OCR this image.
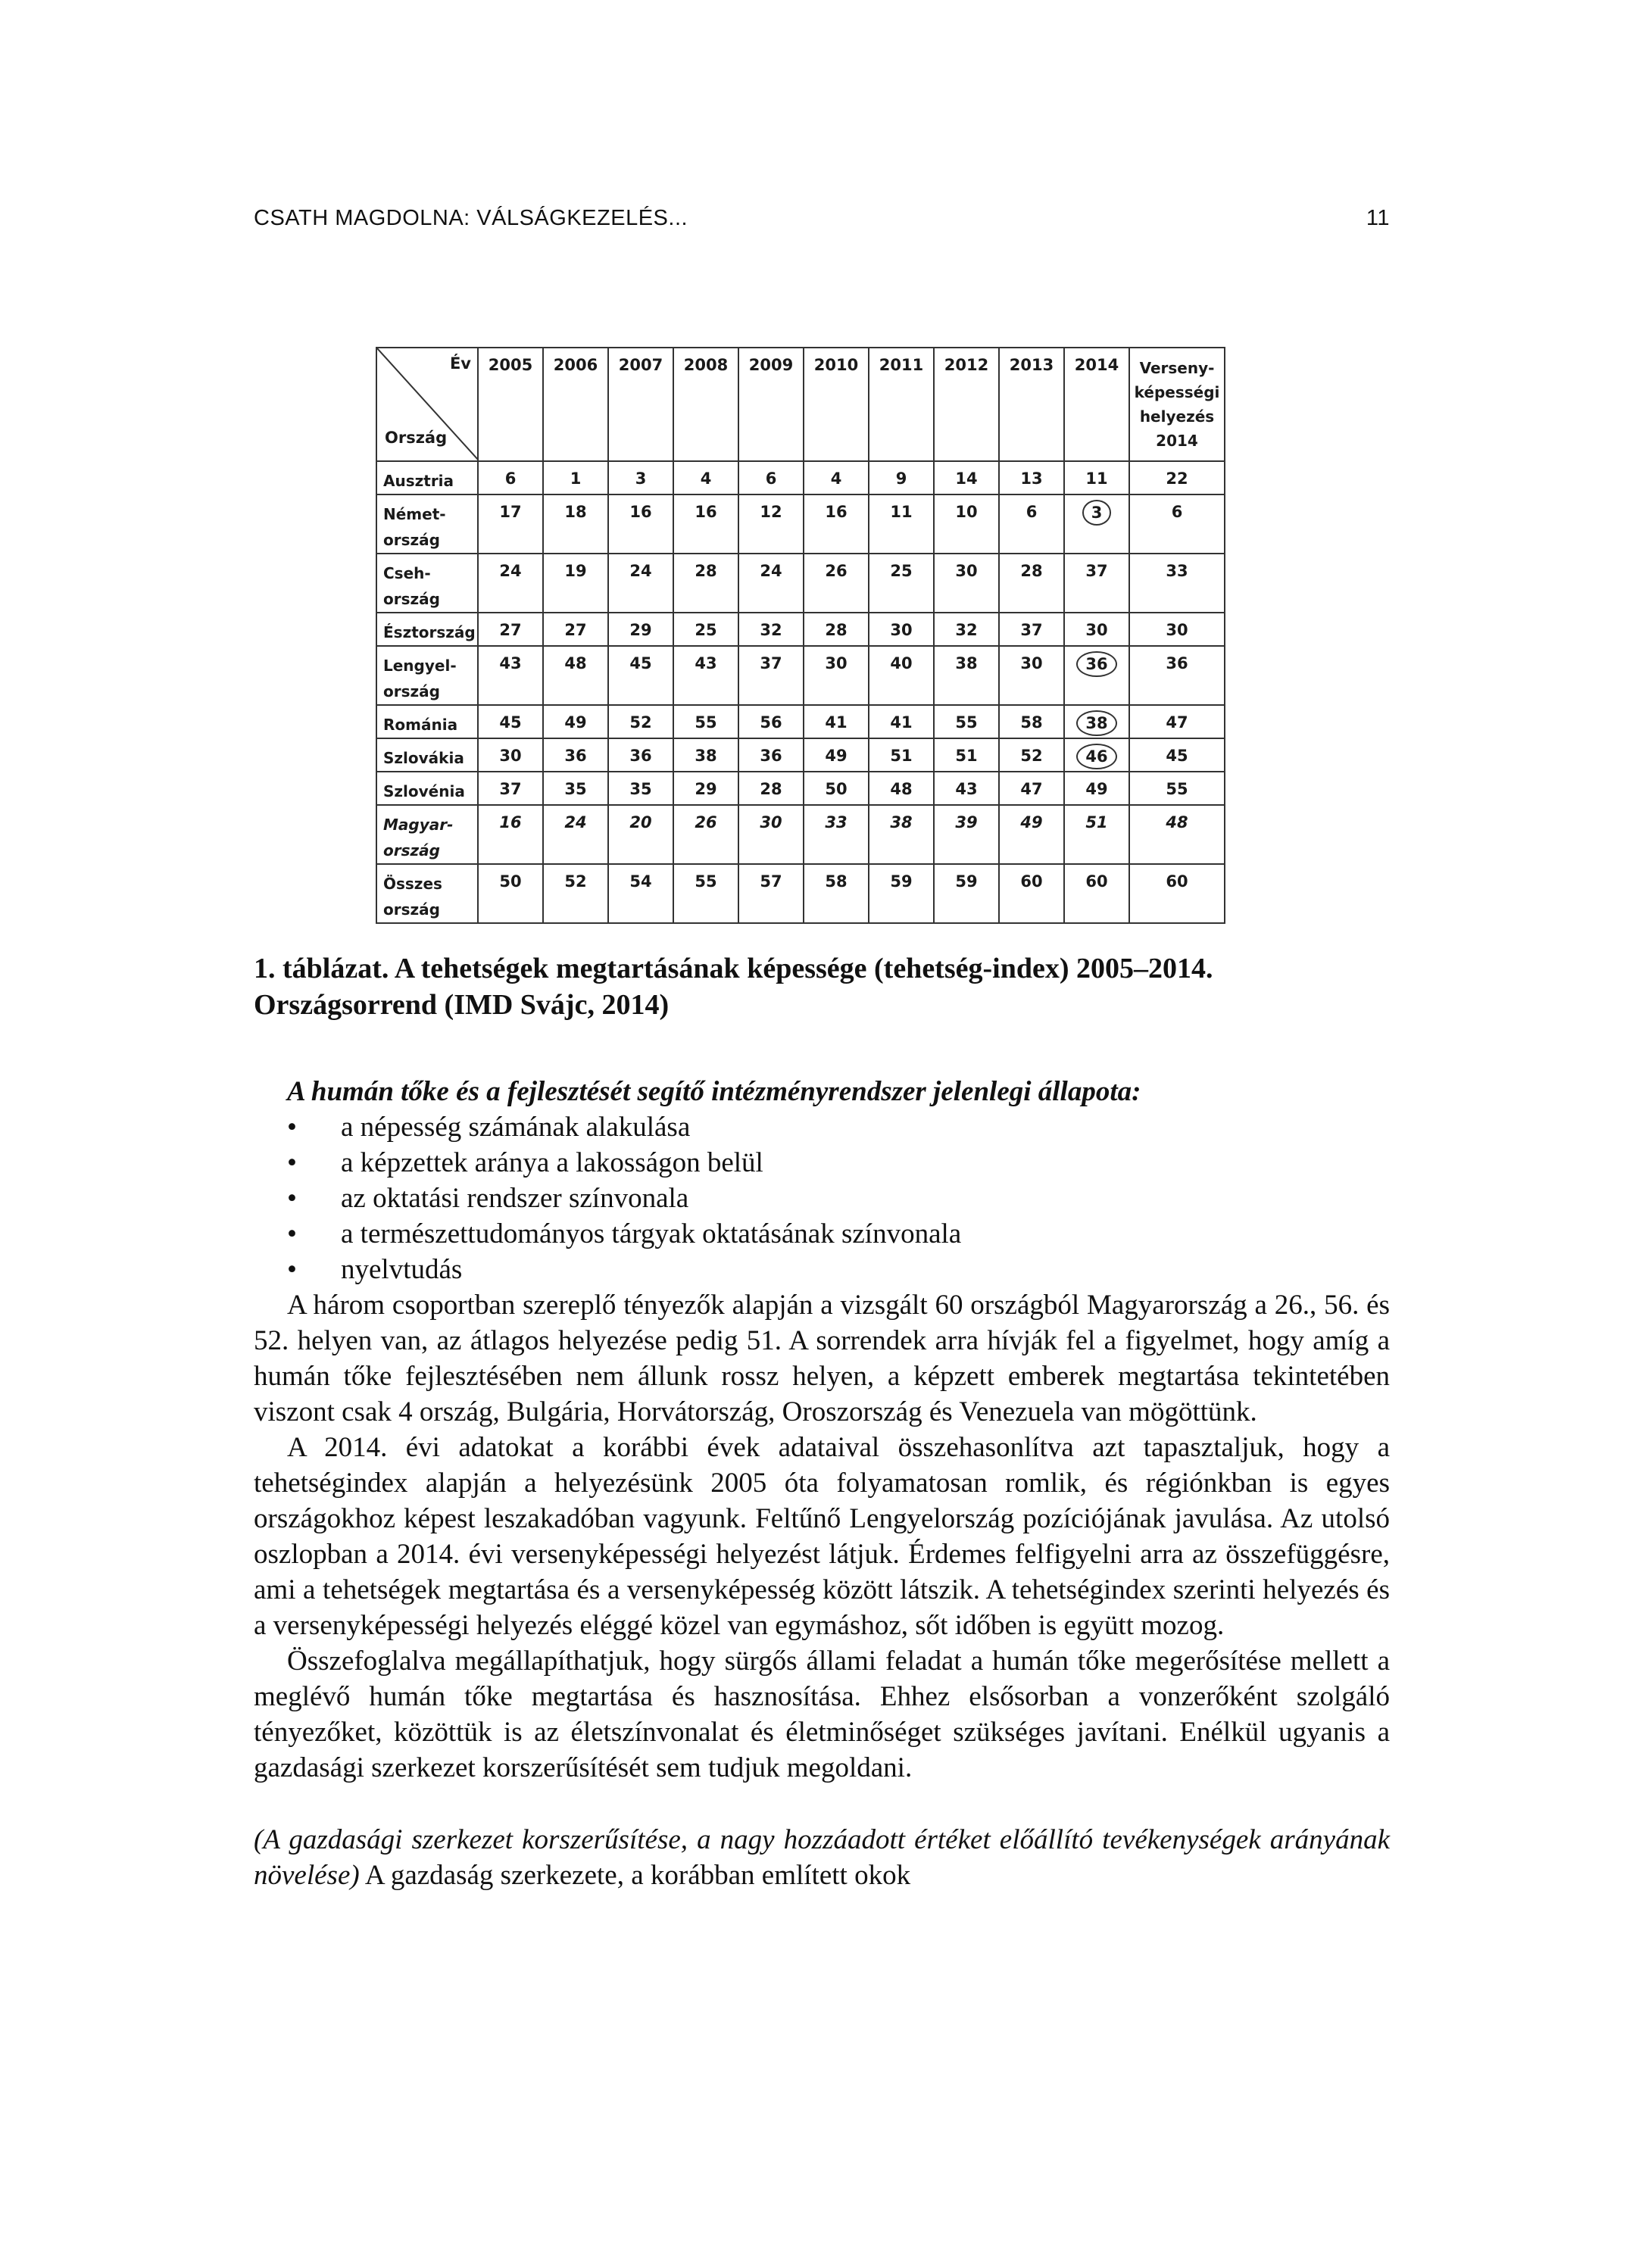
CSATH MAGDOLNA: VÁLSÁGKEZELÉS...	11
Év
Ország	2005	2006	2007	2008	2009	2010	2011	2012	2013	2014	Verseny-
képességi
helyezés
2014
Ausztria	6	1	3	4	6	4	9	14	13	11	22
Német-
ország	17	18	16	16	12	16	11	10	6	3	6
Cseh-
ország	24	19	24	28	24	26	25	30	28	37	33
Észtország	27	27	29	25	32	28	30	32	37	30	30
Lengyel-
ország	43	48	45	43	37	30	40	38	30	36	36
Románia	45	49	52	55	56	41	41	55	58	38	47
Szlovákia	30	36	36	38	36	49	51	51	52	46	45
Szlovénia	37	35	35	29	28	50	48	43	47	49	55
Magyar-
ország	16	24	20	26	30	33	38	39	49	51	48
Összes
ország	50	52	54	55	57	58	59	59	60	60	60
1. táblázat. A tehetségek megtartásának képessége (tehetség-index) 2005–2014.
Országsorrend (IMD Svájc, 2014)

A humán tőke és a fejlesztését segítő intézményrendszer jelenlegi állapota:

• a népesség számának alakulása
• a képzettek aránya a lakosságon belül
• az oktatási rendszer színvonala
• a természettudományos tárgyak oktatásának színvonala
• nyelvtudás

A három csoportban szereplő tényezők alapján a vizsgált 60 országból Magyarország a 26., 56. és 52. helyen van, az átlagos helyezése pedig 51. A sorrendek arra hívják fel a figyelmet, hogy amíg a humán tőke fejlesztésében nem állunk rossz helyen, a képzett emberek megtartása tekintetében viszont csak 4 ország, Bulgária, Horvátország, Oroszország és Venezuela van mögöttünk.

A 2014. évi adatokat a korábbi évek adataival összehasonlítva azt tapasztaljuk, hogy a tehetségindex alapján a helyezésünk 2005 óta folyamatosan romlik, és régiónkban is egyes országokhoz képest leszakadóban vagyunk. Feltűnő Lengyelország pozíciójának javulása. Az utolsó oszlopban a 2014. évi versenyképességi helyezést látjuk. Érdemes felfigyelni arra az összefüggésre, ami a tehetségek megtartása és a versenyképesség között látszik. A tehetségindex szerinti helyezés és a versenyképességi helyezés eléggé közel van egymáshoz, sőt időben is együtt mozog.

Összefoglalva megállapíthatjuk, hogy sürgős állami feladat a humán tőke megerősítése mellett a meglévő humán tőke megtartása és hasznosítása. Ehhez elsősorban a vonzerőként szolgáló tényezőket, közöttük is az életszínvonalat és életminőséget szükséges javítani. Enélkül ugyanis a gazdasági szerkezet korszerűsítését sem tudjuk megoldani.

(A gazdasági szerkezet korszerűsítése, a nagy hozzáadott értéket előállító tevékenységek arányának növelése) A gazdaság szerkezete, a korábban említett okok
